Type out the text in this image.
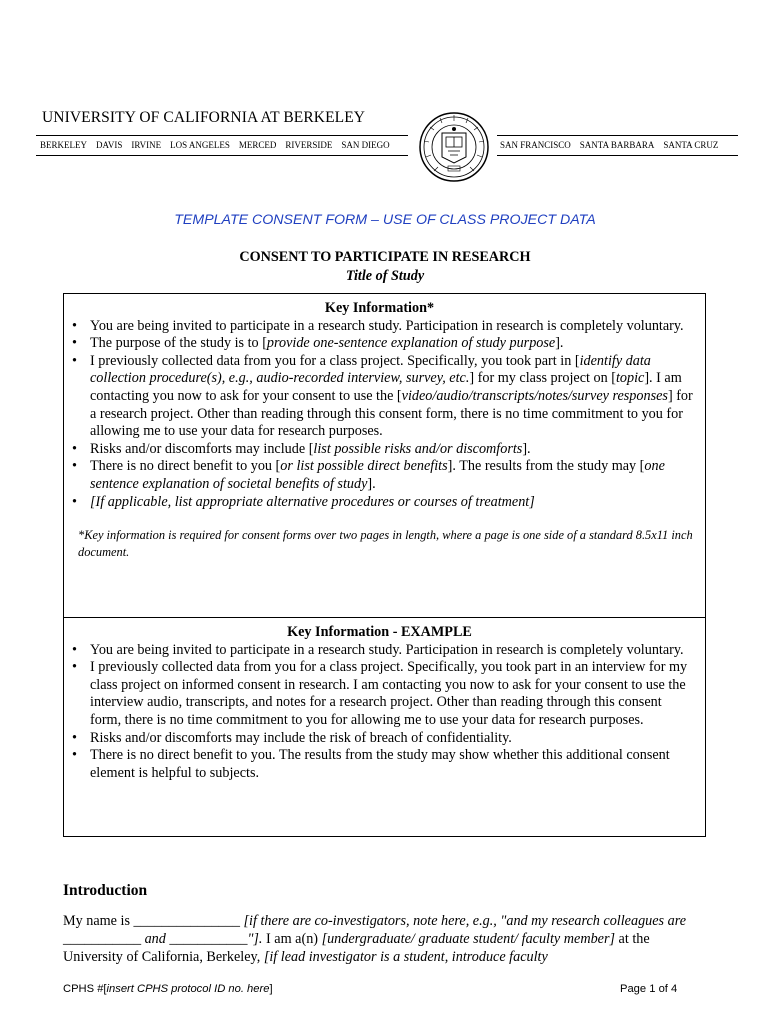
UNIVERSITY OF CALIFORNIA AT BERKELEY
BERKELEY DAVIS IRVINE LOS ANGELES MERCED RIVERSIDE SAN DIEGO	SAN FRANCISCO SANTA BARBARA SANTA CRUZ
TEMPLATE CONSENT FORM – USE OF CLASS PROJECT DATA
CONSENT TO PARTICIPATE IN RESEARCH
Title of Study
Key Information*
• You are being invited to participate in a research study. Participation in research is completely voluntary.
• The purpose of the study is to [provide one-sentence explanation of study purpose].
• I previously collected data from you for a class project. Specifically, you took part in [identify data collection procedure(s), e.g., audio-recorded interview, survey, etc.] for my class project on [topic]. I am contacting you now to ask for your consent to use the [video/audio/transcripts/notes/survey responses] for a research project. Other than reading through this consent form, there is no time commitment to you for allowing me to use your data for research purposes.
• Risks and/or discomforts may include [list possible risks and/or discomforts].
• There is no direct benefit to you [or list possible direct benefits]. The results from the study may [one sentence explanation of societal benefits of study].
• [If applicable, list appropriate alternative procedures or courses of treatment]
*Key information is required for consent forms over two pages in length, where a page is one side of a standard 8.5x11 inch document.
Key Information - EXAMPLE
• You are being invited to participate in a research study. Participation in research is completely voluntary.
• I previously collected data from you for a class project. Specifically, you took part in an interview for my class project on informed consent in research. I am contacting you now to ask for your consent to use the interview audio, transcripts, and notes for a research project. Other than reading through this consent form, there is no time commitment to you for allowing me to use your data for research purposes.
• Risks and/or discomforts may include the risk of breach of confidentiality.
• There is no direct benefit to you. The results from the study may show whether this additional consent element is helpful to subjects.
Introduction
My name is _______________ [if there are co-investigators, note here, e.g., "and my research colleagues are ___________ and ___________"]. I am a(n) [undergraduate/ graduate student/ faculty member] at the University of California, Berkeley, [if lead investigator is a student, introduce faculty
CPHS #[insert CPHS protocol ID no. here]	Page 1 of 4
